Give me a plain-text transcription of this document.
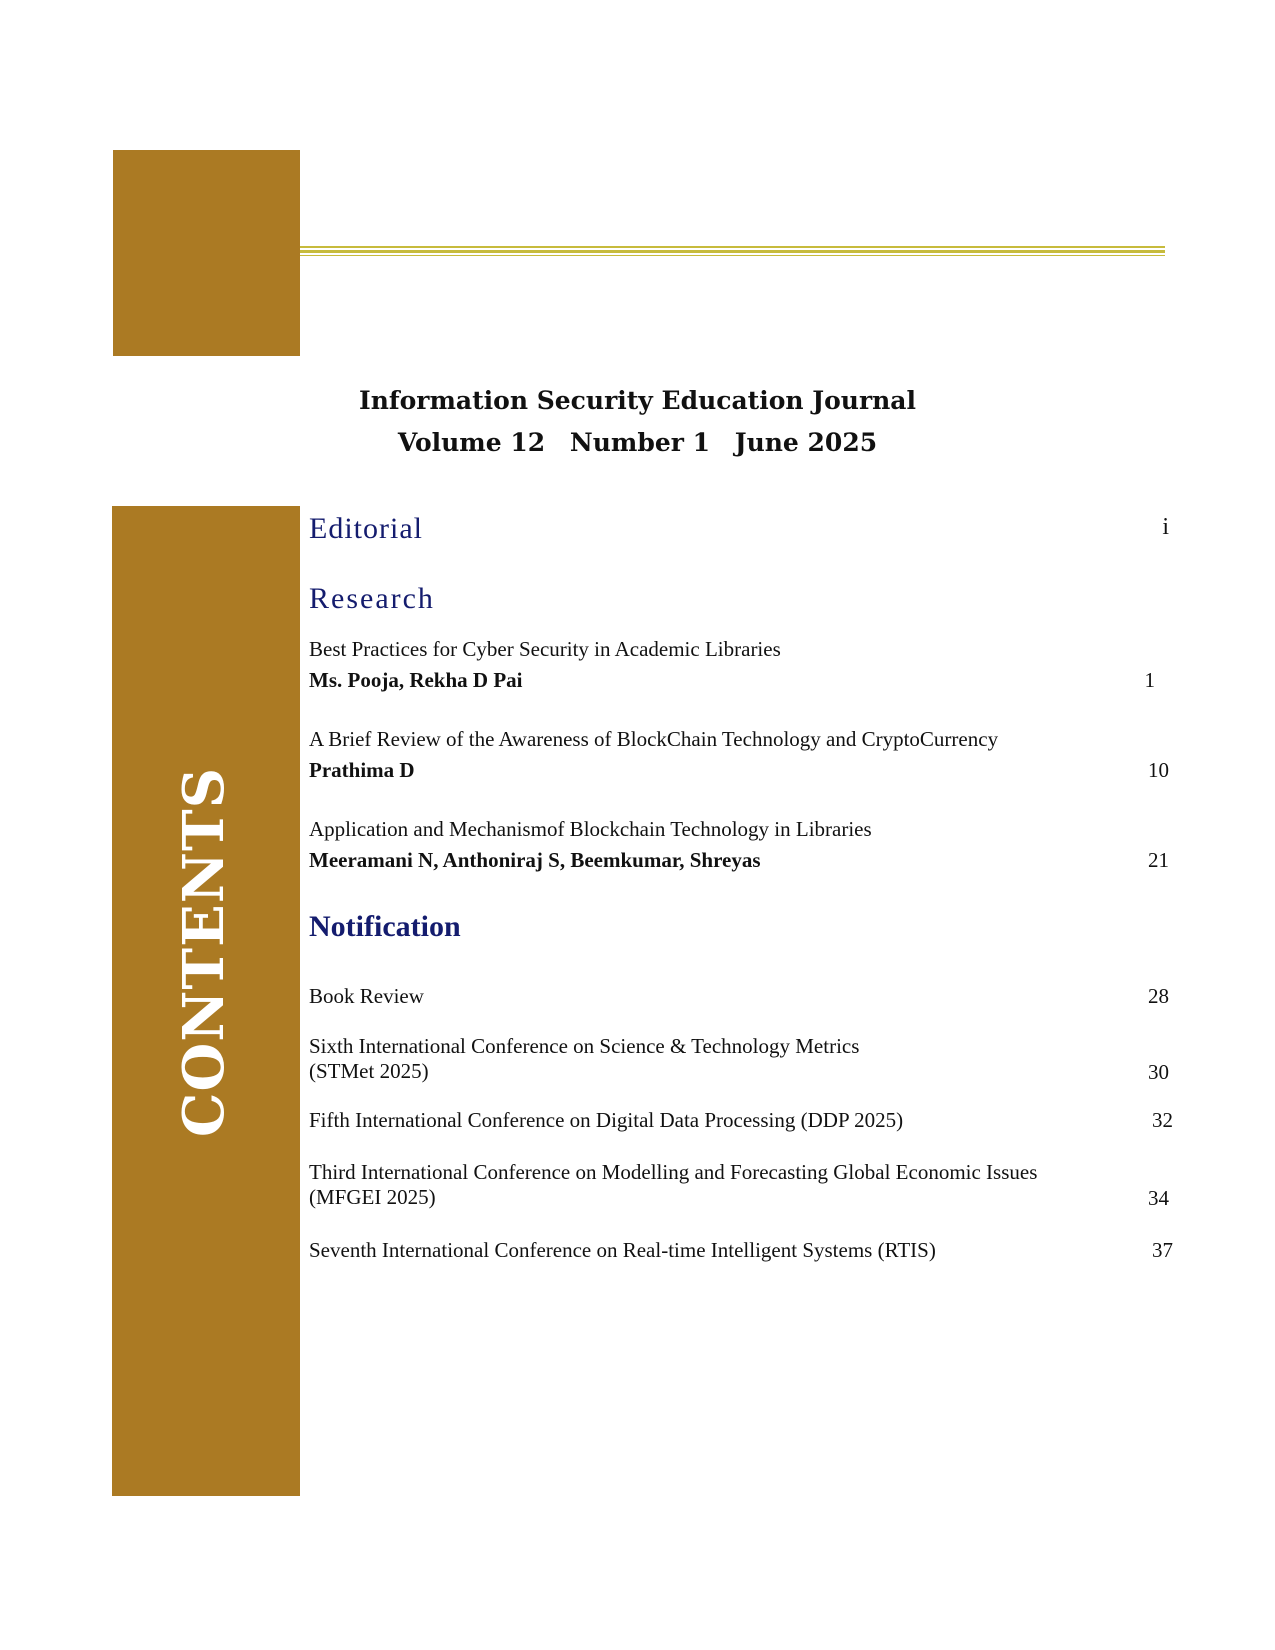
Information Security Education Journal
Volume 12 Number 1 June 2025
CONTENTS
Editorial	i
Research
Best Practices for Cyber Security in Academic Libraries
Ms. Pooja, Rekha D Pai	1
A Brief Review of the Awareness of BlockChain Technology and CryptoCurrency
Prathima D	10
Application and Mechanismof Blockchain Technology in Libraries
Meeramani N, Anthoniraj S, Beemkumar, Shreyas	21
Notification
Book Review	28
Sixth International Conference on Science & Technology Metrics (STMet 2025)	30
Fifth International Conference on Digital Data Processing (DDP 2025)	32
Third International Conference on Modelling and Forecasting Global Economic Issues (MFGEI 2025)	34
Seventh International Conference on Real-time Intelligent Systems (RTIS)	37
